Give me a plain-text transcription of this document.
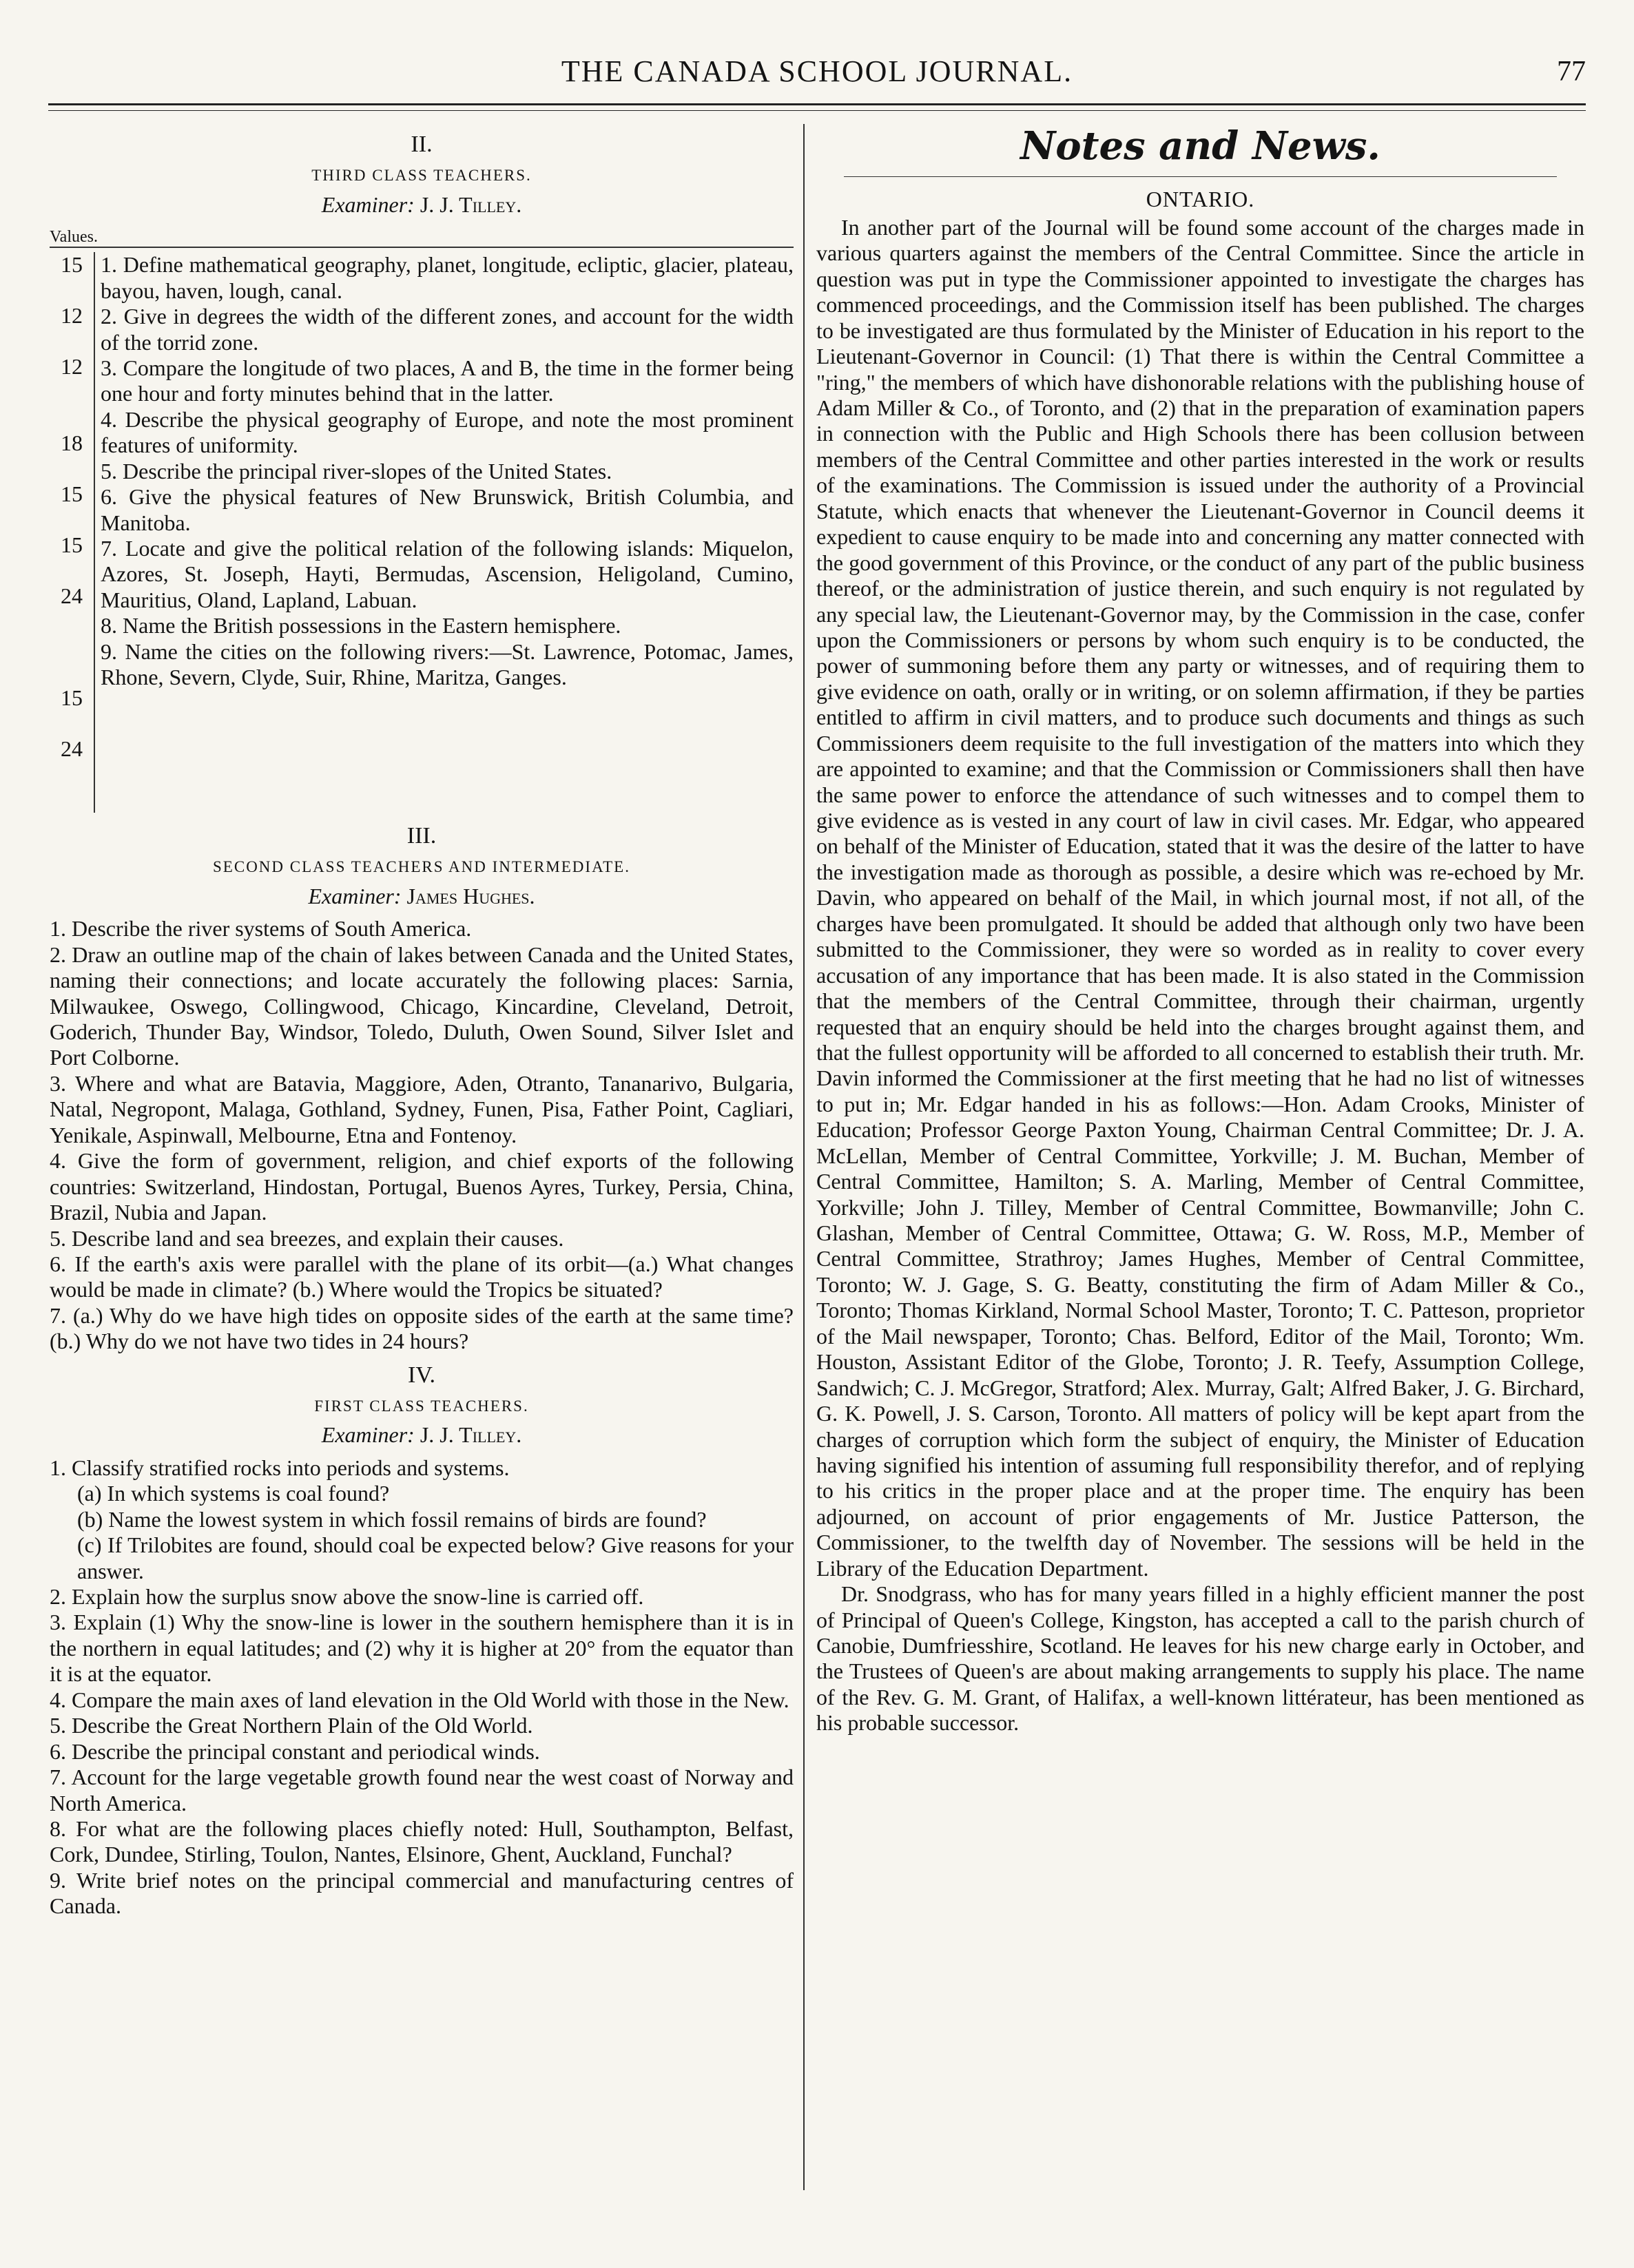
THE CANADA SCHOOL JOURNAL.	77
II.
THIRD CLASS TEACHERS.
Examiner: J. J. Tilley.
Values.
15
12
12
18
15
15
24
15
24

1. Define mathematical geography, planet, longitude, ecliptic, glacier, plateau, bayou, haven, lough, canal.

2. Give in degrees the width of the different zones, and account for the width of the torrid zone.

3. Compare the longitude of two places, A and B, the time in the former being one hour and forty minutes behind that in the latter.

4. Describe the physical geography of Europe, and note the most prominent features of uniformity.

5. Describe the principal river-slopes of the United States.

6. Give the physical features of New Brunswick, British Columbia, and Manitoba.

7. Locate and give the political relation of the following islands: Miquelon, Azores, St. Joseph, Hayti, Bermudas, Ascension, Heligoland, Cumino, Mauritius, Oland, Lapland, Labuan.

8. Name the British possessions in the Eastern hemisphere.

9. Name the cities on the following rivers:—St. Lawrence, Potomac, James, Rhone, Severn, Clyde, Suir, Rhine, Maritza, Ganges.

III.
SECOND CLASS TEACHERS AND INTERMEDIATE.
Examiner: James Hughes.

1. Describe the river systems of South America.

2. Draw an outline map of the chain of lakes between Canada and the United States, naming their connections; and locate accurately the following places: Sarnia, Milwaukee, Oswego, Collingwood, Chicago, Kincardine, Cleveland, Detroit, Goderich, Thunder Bay, Windsor, Toledo, Duluth, Owen Sound, Silver Islet and Port Colborne.

3. Where and what are Batavia, Maggiore, Aden, Otranto, Tananarivo, Bulgaria, Natal, Negropont, Malaga, Gothland, Sydney, Funen, Pisa, Father Point, Cagliari, Yenikale, Aspinwall, Melbourne, Etna and Fontenoy.

4. Give the form of government, religion, and chief exports of the following countries: Switzerland, Hindostan, Portugal, Buenos Ayres, Turkey, Persia, China, Brazil, Nubia and Japan.

5. Describe land and sea breezes, and explain their causes.

6. If the earth's axis were parallel with the plane of its orbit—(a.) What changes would be made in climate? (b.) Where would the Tropics be situated?

7. (a.) Why do we have high tides on opposite sides of the earth at the same time? (b.) Why do we not have two tides in 24 hours?

IV.
FIRST CLASS TEACHERS.
Examiner: J. J. Tilley.

1. Classify stratified rocks into periods and systems.

(a) In which systems is coal found?

(b) Name the lowest system in which fossil remains of birds are found?

(c) If Trilobites are found, should coal be expected below? Give reasons for your answer.

2. Explain how the surplus snow above the snow-line is carried off.

3. Explain (1) Why the snow-line is lower in the southern hemisphere than it is in the northern in equal latitudes; and (2) why it is higher at 20° from the equator than it is at the equator.

4. Compare the main axes of land elevation in the Old World with those in the New.

5. Describe the Great Northern Plain of the Old World.

6. Describe the principal constant and periodical winds.

7. Account for the large vegetable growth found near the west coast of Norway and North America.

8. For what are the following places chiefly noted: Hull, Southampton, Belfast, Cork, Dundee, Stirling, Toulon, Nantes, Elsinore, Ghent, Auckland, Funchal?

9. Write brief notes on the principal commercial and manufacturing centres of Canada.

Notes and News.
ONTARIO.

In another part of the Journal will be found some account of the charges made in various quarters against the members of the Central Committee. Since the article in question was put in type the Commissioner appointed to investigate the charges has commenced proceedings, and the Commission itself has been published. The charges to be investigated are thus formulated by the Minister of Education in his report to the Lieutenant-Governor in Council: (1) That there is within the Central Committee a "ring," the members of which have dishonorable relations with the publishing house of Adam Miller & Co., of Toronto, and (2) that in the preparation of examination papers in connection with the Public and High Schools there has been collusion between members of the Central Committee and other parties interested in the work or results of the examinations. The Commission is issued under the authority of a Provincial Statute, which enacts that whenever the Lieutenant-Governor in Council deems it expedient to cause enquiry to be made into and concerning any matter connected with the good government of this Province, or the conduct of any part of the public business thereof, or the administration of justice therein, and such enquiry is not regulated by any special law, the Lieutenant-Governor may, by the Commission in the case, confer upon the Commissioners or persons by whom such enquiry is to be conducted, the power of summoning before them any party or witnesses, and of requiring them to give evidence on oath, orally or in writing, or on solemn affirmation, if they be parties entitled to affirm in civil matters, and to produce such documents and things as such Commissioners deem requisite to the full investigation of the matters into which they are appointed to examine; and that the Commission or Commissioners shall then have the same power to enforce the attendance of such witnesses and to compel them to give evidence as is vested in any court of law in civil cases. Mr. Edgar, who appeared on behalf of the Minister of Education, stated that it was the desire of the latter to have the investigation made as thorough as possible, a desire which was re-echoed by Mr. Davin, who appeared on behalf of the Mail, in which journal most, if not all, of the charges have been promulgated. It should be added that although only two have been submitted to the Commissioner, they were so worded as in reality to cover every accusation of any importance that has been made. It is also stated in the Commission that the members of the Central Committee, through their chairman, urgently requested that an enquiry should be held into the charges brought against them, and that the fullest opportunity will be afforded to all concerned to establish their truth. Mr. Davin informed the Commissioner at the first meeting that he had no list of witnesses to put in; Mr. Edgar handed in his as follows:—Hon. Adam Crooks, Minister of Education; Professor George Paxton Young, Chairman Central Committee; Dr. J. A. McLellan, Member of Central Committee, Yorkville; J. M. Buchan, Member of Central Committee, Hamilton; S. A. Marling, Member of Central Committee, Yorkville; John J. Tilley, Member of Central Committee, Bowmanville; John C. Glashan, Member of Central Committee, Ottawa; G. W. Ross, M.P., Member of Central Committee, Strathroy; James Hughes, Member of Central Committee, Toronto; W. J. Gage, S. G. Beatty, constituting the firm of Adam Miller & Co., Toronto; Thomas Kirkland, Normal School Master, Toronto; T. C. Patteson, proprietor of the Mail newspaper, Toronto; Chas. Belford, Editor of the Mail, Toronto; Wm. Houston, Assistant Editor of the Globe, Toronto; J. R. Teefy, Assumption College, Sandwich; C. J. McGregor, Stratford; Alex. Murray, Galt; Alfred Baker, J. G. Birchard, G. K. Powell, J. S. Carson, Toronto. All matters of policy will be kept apart from the charges of corruption which form the subject of enquiry, the Minister of Education having signified his intention of assuming full responsibility therefor, and of replying to his critics in the proper place and at the proper time. The enquiry has been adjourned, on account of prior engagements of Mr. Justice Patterson, the Commissioner, to the twelfth day of November. The sessions will be held in the Library of the Education Department.

Dr. Snodgrass, who has for many years filled in a highly efficient manner the post of Principal of Queen's College, Kingston, has accepted a call to the parish church of Canobie, Dumfriesshire, Scotland. He leaves for his new charge early in October, and the Trustees of Queen's are about making arrangements to supply his place. The name of the Rev. G. M. Grant, of Halifax, a well-known littérateur, has been mentioned as his probable successor.
